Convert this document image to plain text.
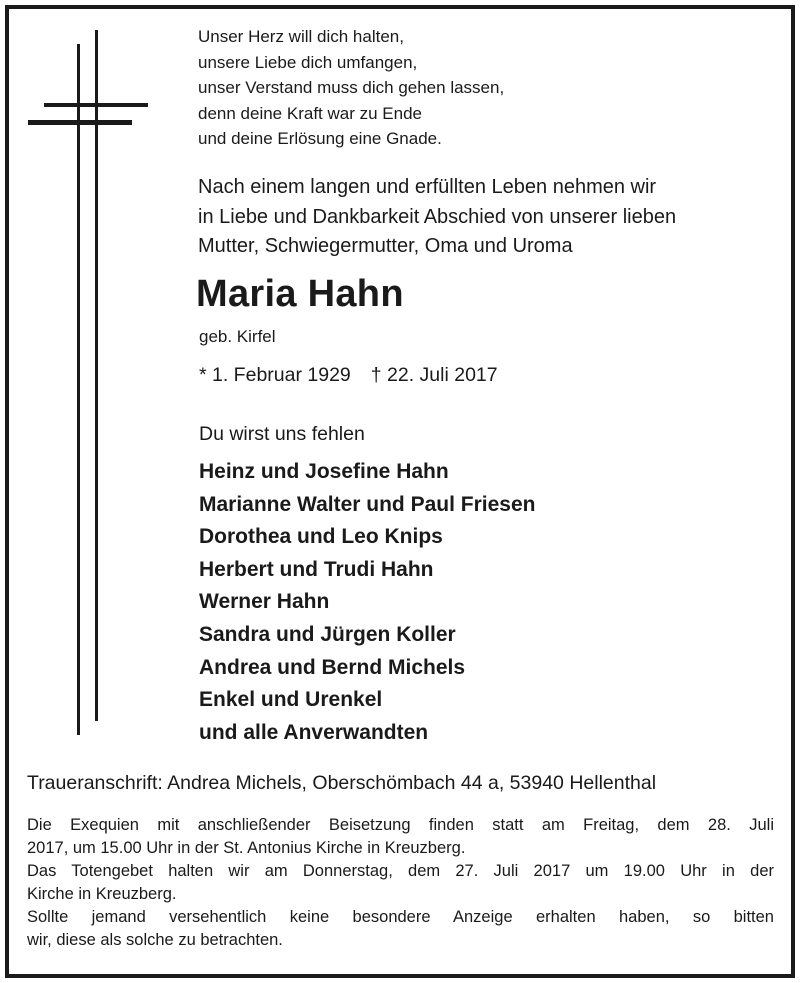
Unser Herz will dich halten,
unsere Liebe dich umfangen,
unser Verstand muss dich gehen lassen,
denn deine Kraft war zu Ende
und deine Erlösung eine Gnade.
Nach einem langen und erfüllten Leben nehmen wir
in Liebe und Dankbarkeit Abschied von unserer lieben
Mutter, Schwiegermutter, Oma und Uroma
Maria Hahn
geb. Kirfel
* 1. Februar 1929 † 22. Juli 2017
Du wirst uns fehlen
Heinz und Josefine Hahn
Marianne Walter und Paul Friesen
Dorothea und Leo Knips
Herbert und Trudi Hahn
Werner Hahn
Sandra und Jürgen Koller
Andrea und Bernd Michels
Enkel und Urenkel
und alle Anverwandten
Traueranschrift: Andrea Michels, Oberschömbach 44 a, 53940 Hellenthal
Die Exequien mit anschließender Beisetzung finden statt am Freitag, dem 28. Juli
2017, um 15.00 Uhr in der St. Antonius Kirche in Kreuzberg.
Das Totengebet halten wir am Donnerstag, dem 27. Juli 2017 um 19.00 Uhr in der
Kirche in Kreuzberg.
Sollte jemand versehentlich keine besondere Anzeige erhalten haben, so bitten
wir, diese als solche zu betrachten.
